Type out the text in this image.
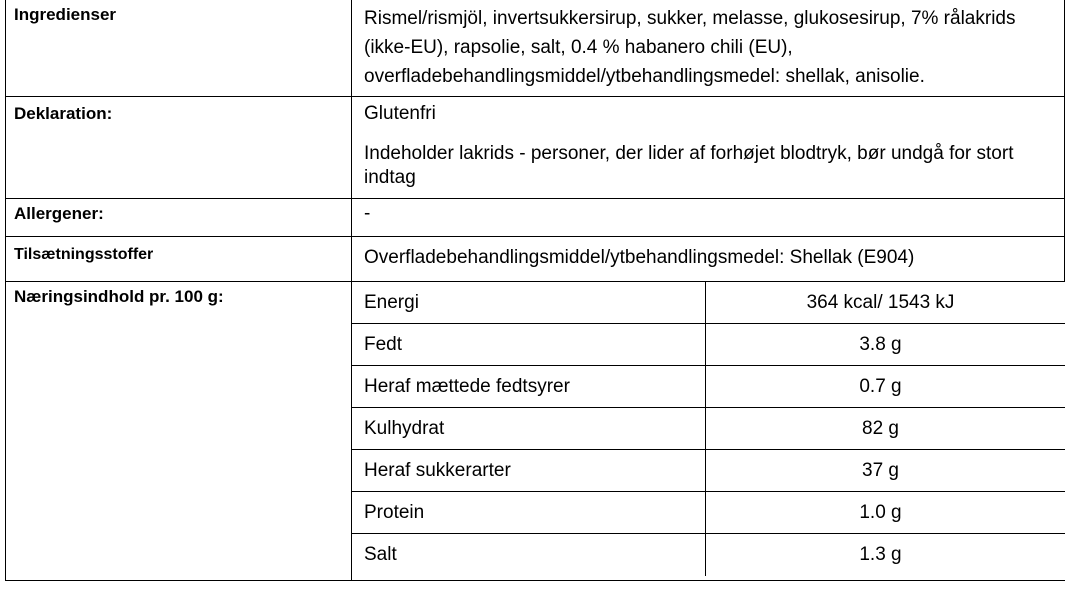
Ingredienser	Rismel/rismjöl, invertsukkersirup, sukker, melasse, glukosesirup, 7% rålakrids

(ikke-EU), rapsolie, salt, 0.4 % habanero chili (EU),

overfladebehandlingsmiddel/ytbehandlingsmedel: shellak, anisolie.

Deklaration:	Glutenfri

Indeholder lakrids - personer, der lider af forhøjet blodtryk, bør undgå for stort

indtag

Allergener:	-
Tilsætningsstoffer	Overfladebehandlingsmiddel/ytbehandlingsmedel: Shellak (E904)
Næringsindhold pr. 100 g:	Energi	364 kcal/ 1543 kJ
Fedt	3.8 g
Heraf mættede fedtsyrer	0.7 g
Kulhydrat	82 g
Heraf sukkerarter	37 g
Protein	1.0 g
Salt	1.3 g
